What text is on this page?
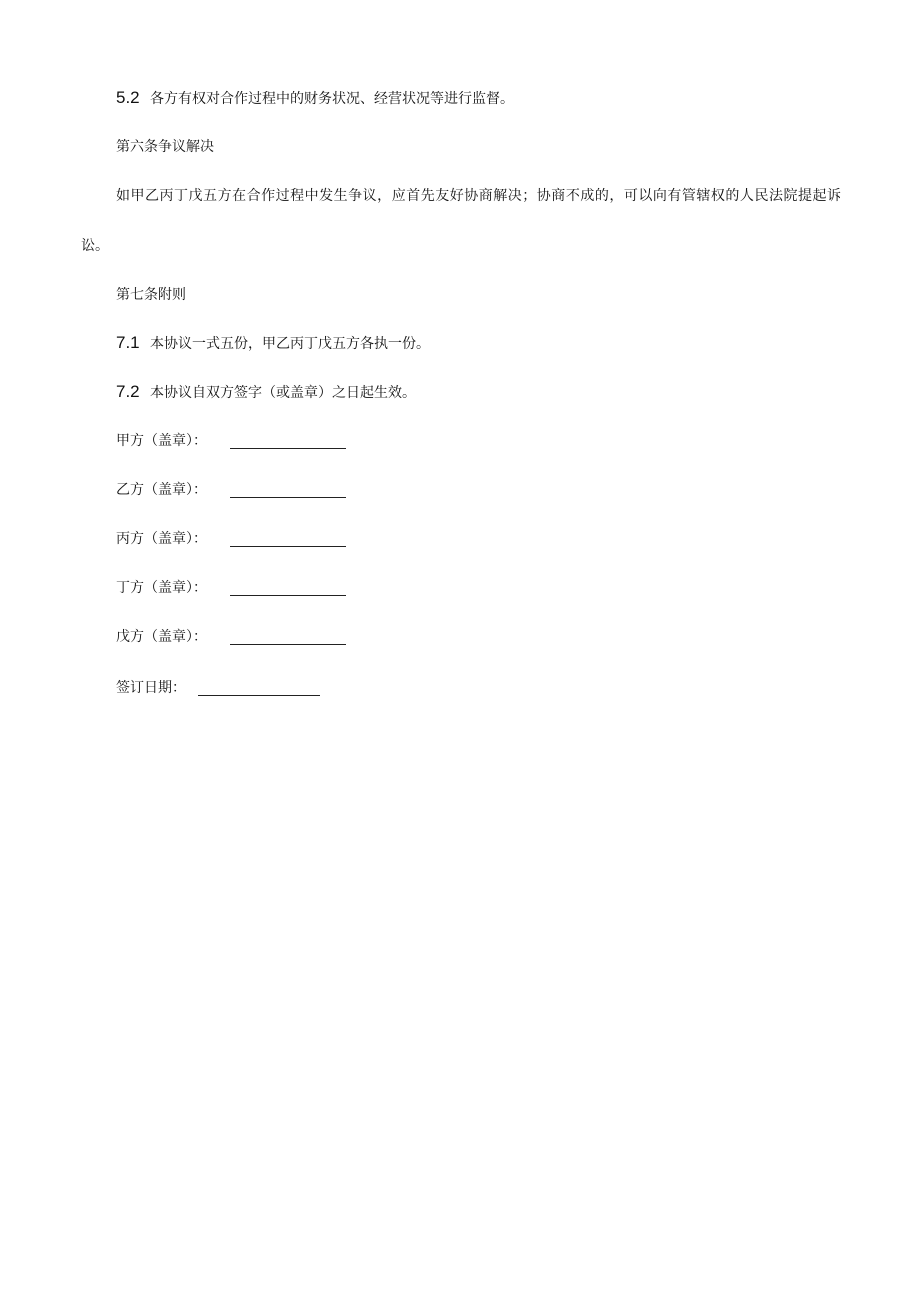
5.2 各方有权对合作过程中的财务状况、经营状况等进行监督。
第六条争议解决
如甲乙丙丁戊五方在合作过程中发生争议，应首先友好协商解决；协商不成的，可以向有管辖权的人民法院提起诉讼。
第七条附则
7.1 本协议一式五份，甲乙丙丁戊五方各执一份。
7.2 本协议自双方签字（或盖章）之日起生效。
甲方（盖章）：
乙方（盖章）：
丙方（盖章）：
丁方（盖章）：
戊方（盖章）：
签订日期：
